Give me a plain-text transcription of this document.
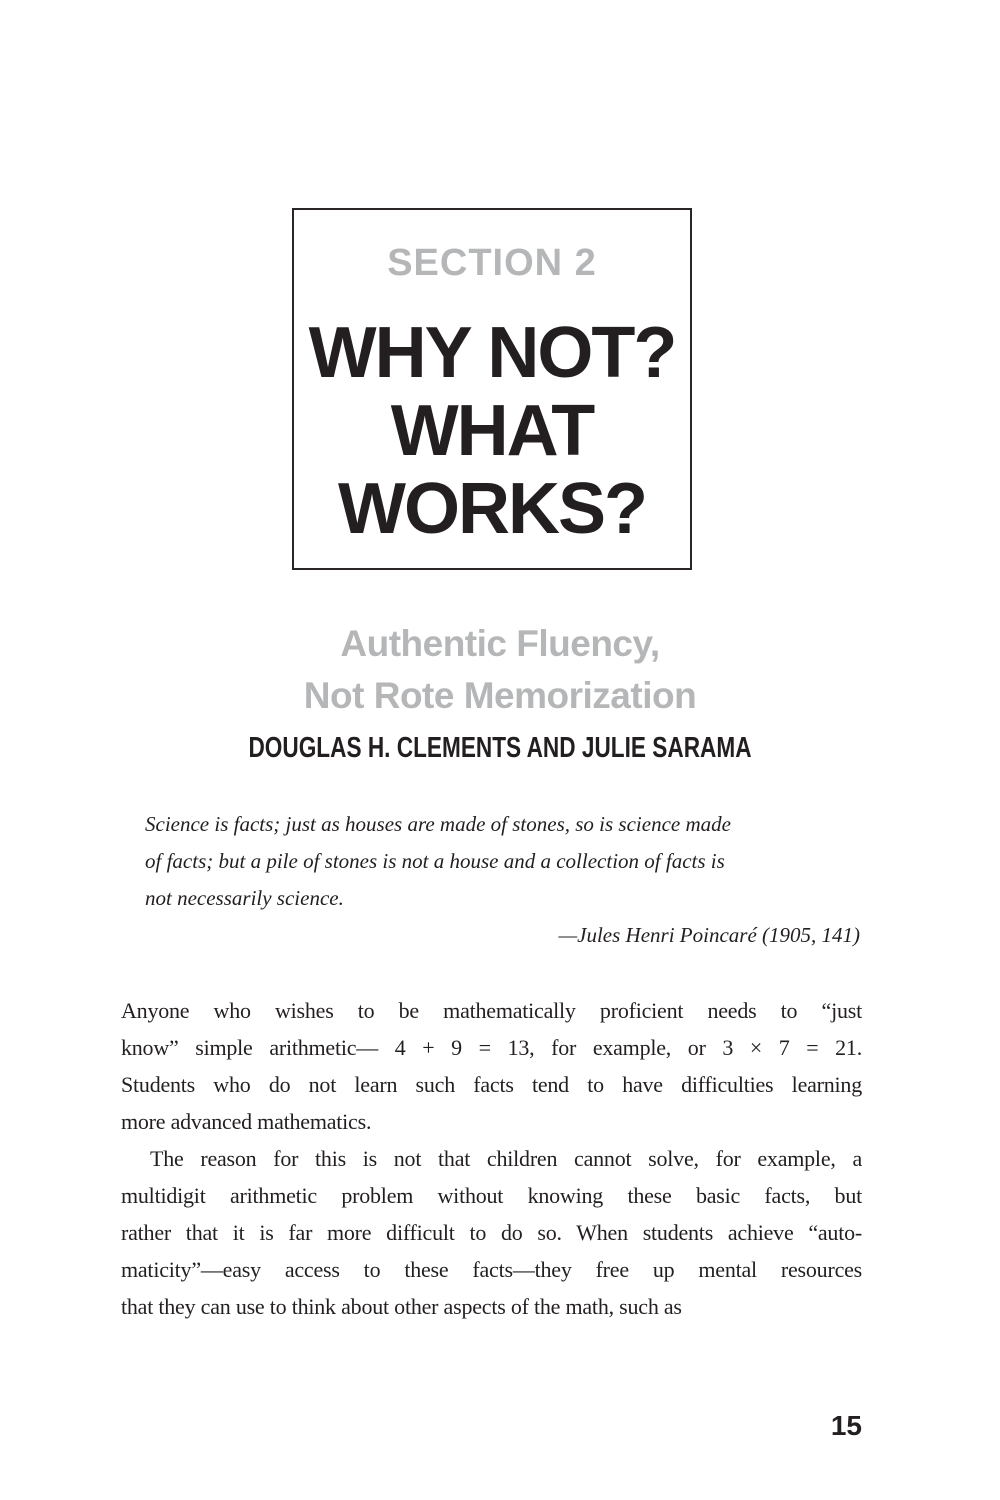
SECTION 2
WHY NOT?
WHAT
WORKS?
Authentic Fluency,
Not Rote Memorization
DOUGLAS H. CLEMENTS AND JULIE SARAMA
Science is facts; just as houses are made of stones, so is science made
of facts; but a pile of stones is not a house and a collection of facts is
not necessarily science.
—Jules Henri Poincaré (1905, 141)
Anyone who wishes to be mathematically proficient needs to “just
know” simple arithmetic— 4 + 9 = 13, for example, or 3 × 7 = 21.
Students who do not learn such facts tend to have difficulties learning
more advanced mathematics.
The reason for this is not that children cannot solve, for example, a
multidigit arithmetic problem without knowing these basic facts, but
rather that it is far more difficult to do so. When students achieve “auto-
maticity”—easy access to these facts—they free up mental resources
that they can use to think about other aspects of the math, such as
15
